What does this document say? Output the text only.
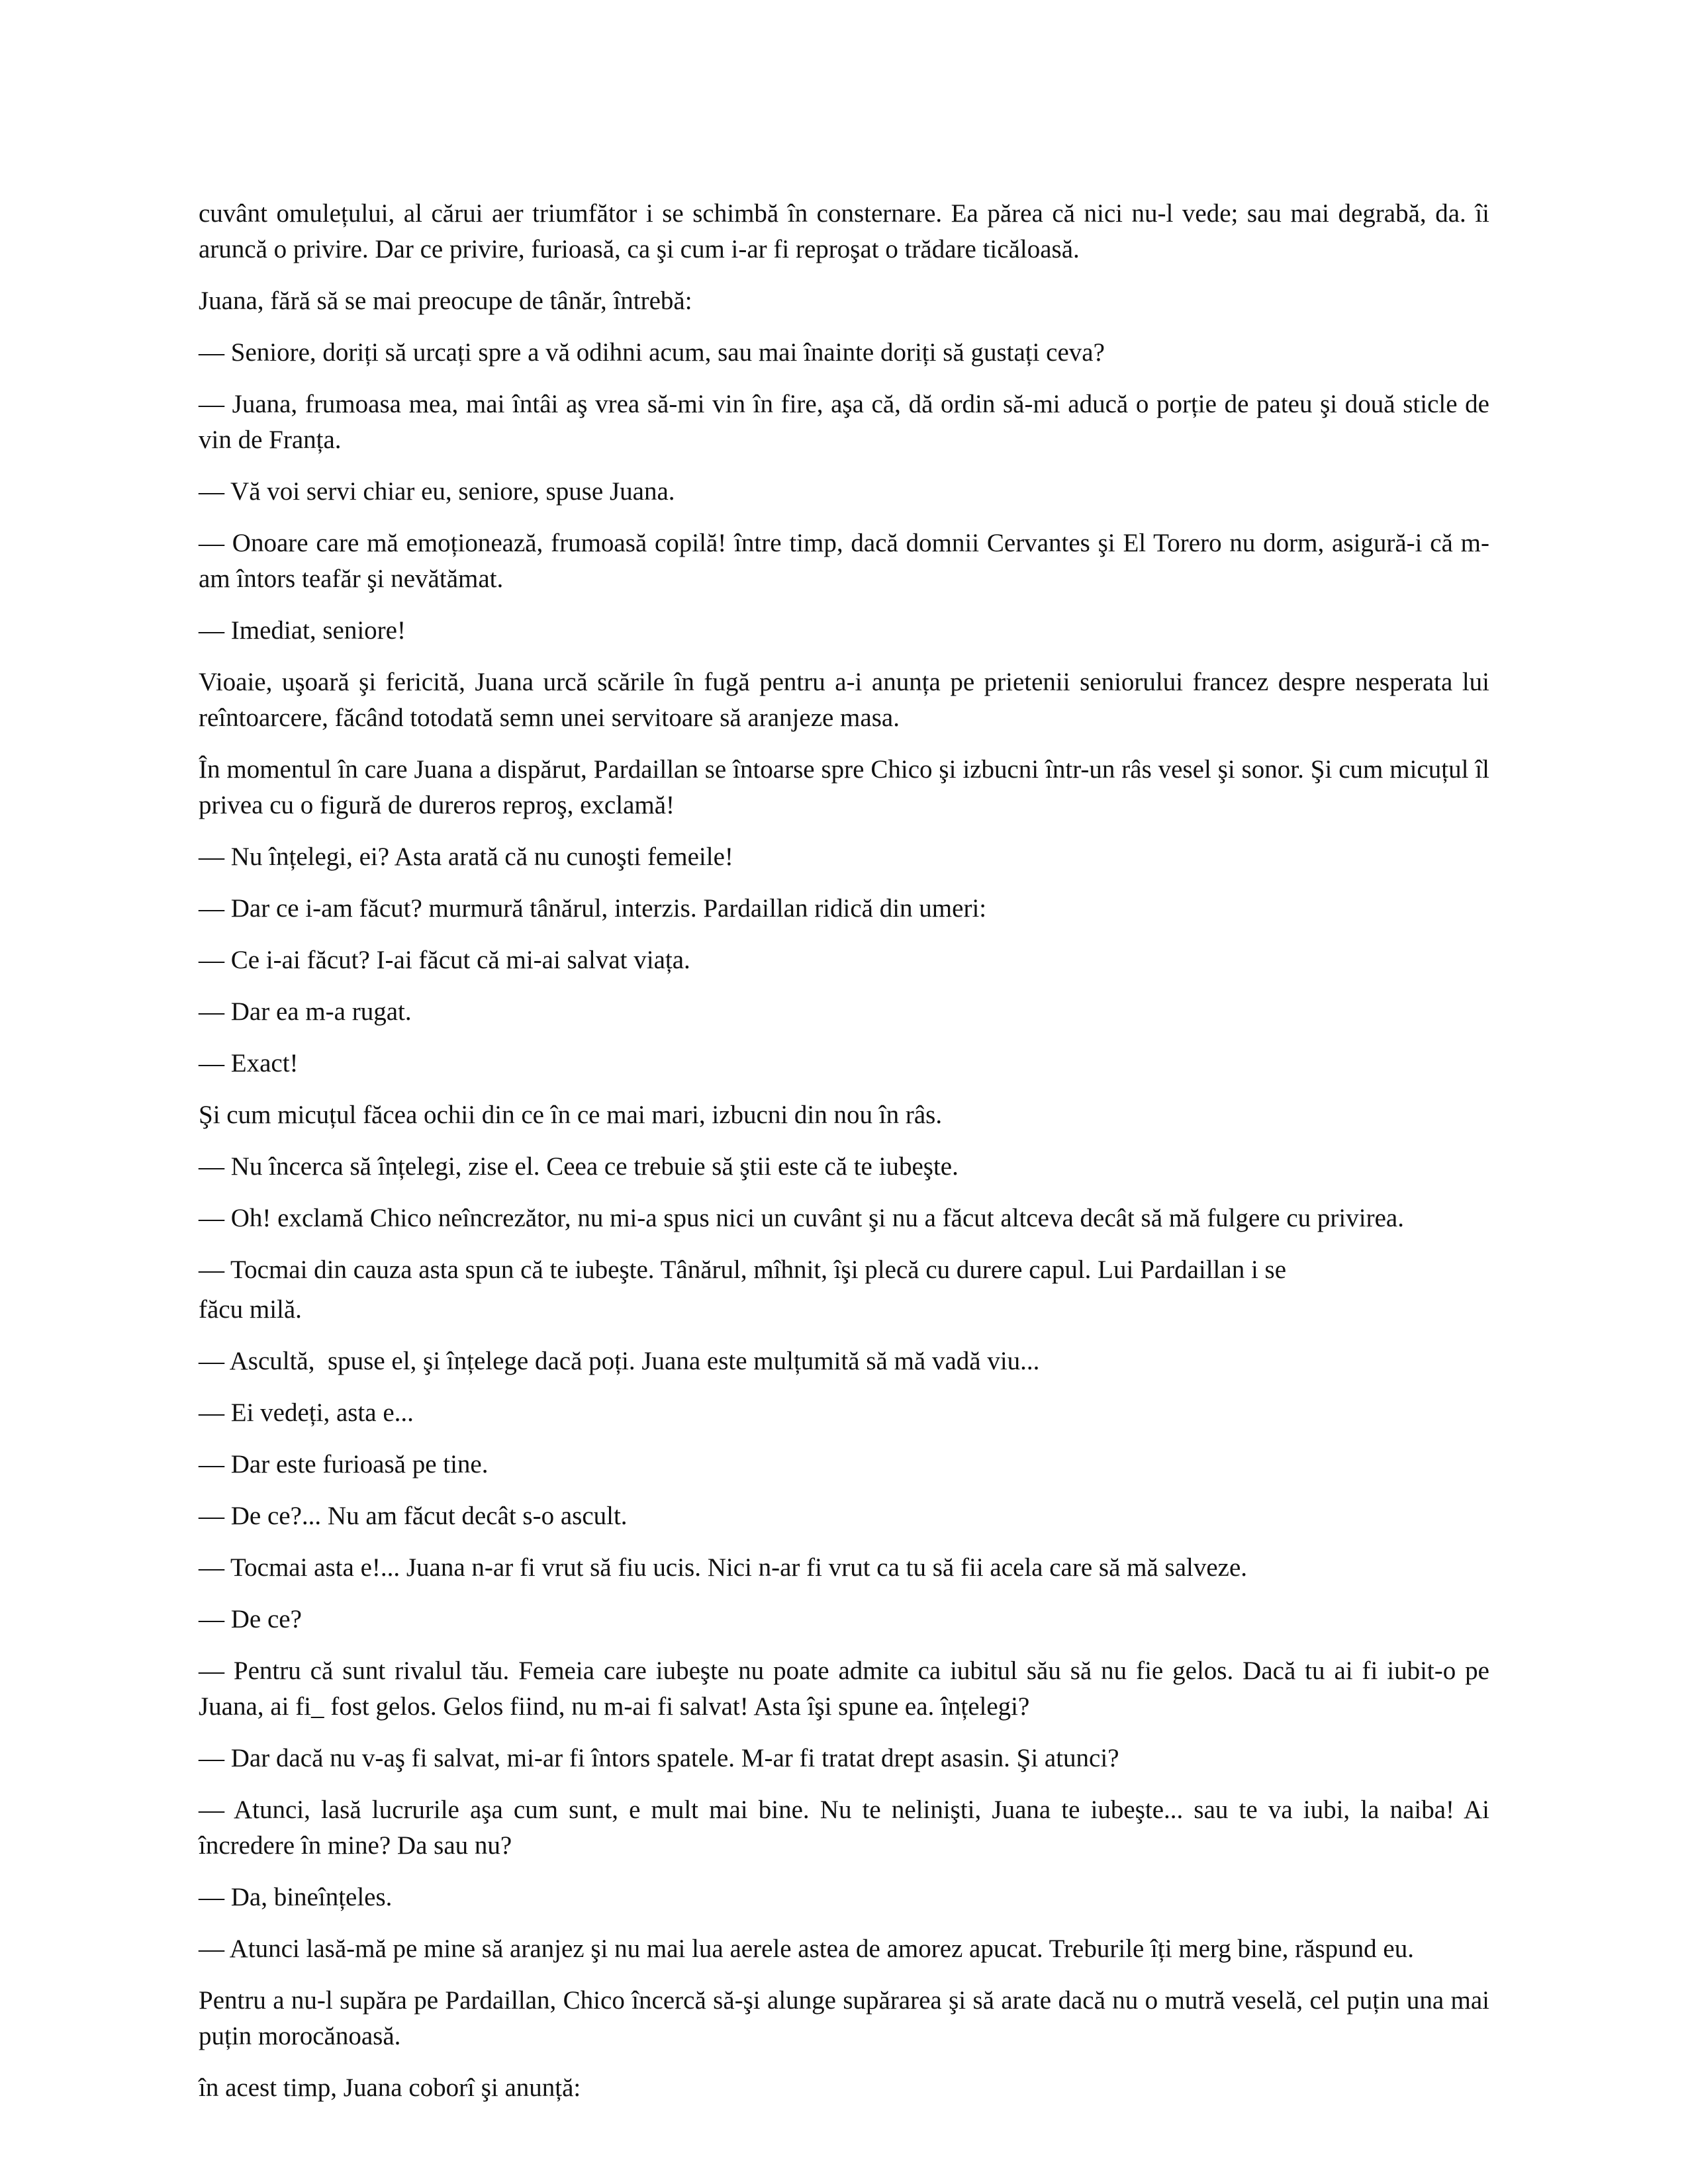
cuvânt omulețului, al cărui aer triumfător i se schimbă în consternare. Ea părea că nici nu-l vede; sau mai degrabă, da. îi aruncă o privire. Dar ce privire, furioasă, ca şi cum i-ar fi reproşat o trădare ticăloasă.

Juana, fără să se mai preocupe de tânăr, întrebă:

— Seniore, doriți să urcați spre a vă odihni acum, sau mai înainte doriți să gustați ceva?

— Juana, frumoasa mea, mai întâi aş vrea să-mi vin în fire, aşa că, dă ordin să-mi aducă o porție de pateu şi două sticle de vin de Franța.

— Vă voi servi chiar eu, seniore, spuse Juana.

— Onoare care mă emoționează, frumoasă copilă! între timp, dacă domnii Cervantes şi El Torero nu dorm, asigură-i că m-am întors teafăr şi nevătămat.

— Imediat, seniore!

Vioaie, uşoară şi fericită, Juana urcă scările în fugă pentru a-i anunța pe prietenii seniorului francez despre nesperata lui reîntoarcere, făcând totodată semn unei servitoare să aranjeze masa.

În momentul în care Juana a dispărut, Pardaillan se întoarse spre Chico şi izbucni într-un râs vesel şi sonor. Şi cum micuțul îl privea cu o figură de dureros reproş, exclamă!

— Nu înțelegi, ei? Asta arată că nu cunoşti femeile!

— Dar ce i-am făcut? murmură tânărul, interzis. Pardaillan ridică din umeri:

— Ce i-ai făcut? I-ai făcut că mi-ai salvat viața.

— Dar ea m-a rugat.

— Exact!

Şi cum micuțul făcea ochii din ce în ce mai mari, izbucni din nou în râs.

— Nu încerca să înțelegi, zise el. Ceea ce trebuie să ştii este că te iubeşte.

— Oh! exclamă Chico neîncrezător, nu mi-a spus nici un cuvânt şi nu a făcut altceva decât să mă fulgere cu privirea.

— Tocmai din cauza asta spun că te iubeşte. Tânărul, mîhnit, îşi plecă cu durere capul. Lui Pardaillan i se

făcu milă.

— Ascultă,  spuse el, şi înțelege dacă poți. Juana este mulțumită să mă vadă viu...

— Ei vedeți, asta e...

— Dar este furioasă pe tine.

— De ce?... Nu am făcut decât s-o ascult.

— Tocmai asta e!... Juana n-ar fi vrut să fiu ucis. Nici n-ar fi vrut ca tu să fii acela care să mă salveze.

— De ce?

— Pentru că sunt rivalul tău. Femeia care iubeşte nu poate admite ca iubitul său să nu fie gelos. Dacă tu ai fi iubit-o pe Juana, ai fi_ fost gelos. Gelos fiind, nu m-ai fi salvat! Asta îşi spune ea. înțelegi?

— Dar dacă nu v-aş fi salvat, mi-ar fi întors spatele. M-ar fi tratat drept asasin. Şi atunci?

— Atunci, lasă lucrurile aşa cum sunt, e mult mai bine. Nu te nelinişti, Juana te iubeşte... sau te va iubi, la naiba! Ai încredere în mine? Da sau nu?

— Da, bineînțeles.

— Atunci lasă-mă pe mine să aranjez şi nu mai lua aerele astea de amorez apucat. Treburile îți merg bine, răspund eu.

Pentru a nu-l supăra pe Pardaillan, Chico încercă să-şi alunge supărarea şi să arate dacă nu o mutră veselă, cel puțin una mai puțin morocănoasă.

în acest timp, Juana coborî şi anunță:
